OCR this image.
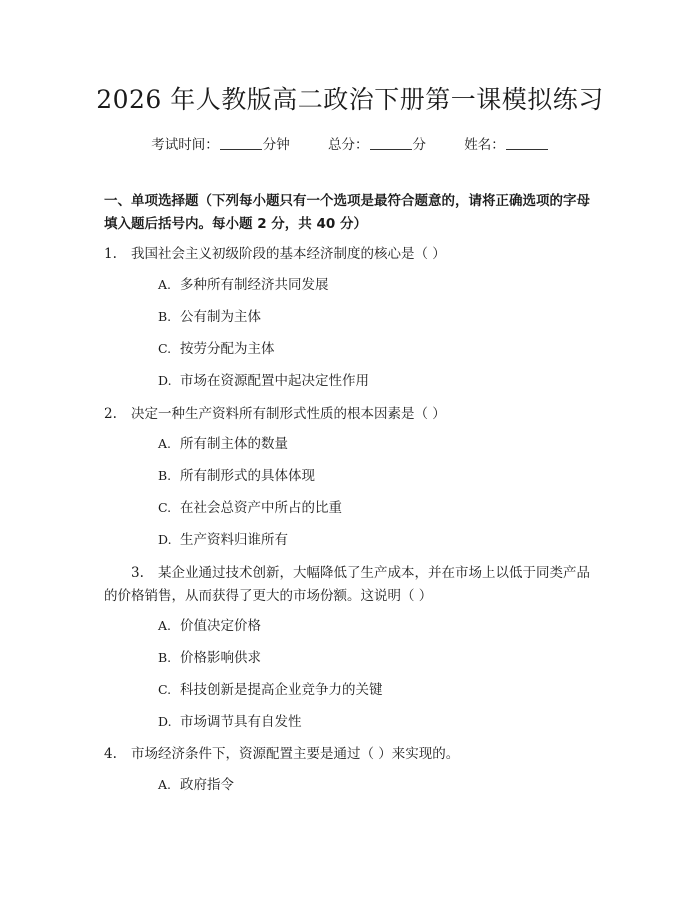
2026 年人教版高二政治下册第一课模拟练习
考试时间：	分钟	总分：	分	姓名：
一、单项选择题（下列每小题只有一个选项是最符合题意的，请将正确选项的字母填入题后括号内。每小题 2 分，共 40 分）
1. 我国社会主义初级阶段的基本经济制度的核心是（ ）
A. 多种所有制经济共同发展
B. 公有制为主体
C. 按劳分配为主体
D. 市场在资源配置中起决定性作用
2. 决定一种生产资料所有制形式性质的根本因素是（ ）
A. 所有制主体的数量
B. 所有制形式的具体体现
C. 在社会总资产中所占的比重
D. 生产资料归谁所有
3. 某企业通过技术创新，大幅降低了生产成本，并在市场上以低于同类产品的价格销售，从而获得了更大的市场份额。这说明（ ）
A. 价值决定价格
B. 价格影响供求
C. 科技创新是提高企业竞争力的关键
D. 市场调节具有自发性
4. 市场经济条件下，资源配置主要是通过（ ）来实现的。
A. 政府指令
